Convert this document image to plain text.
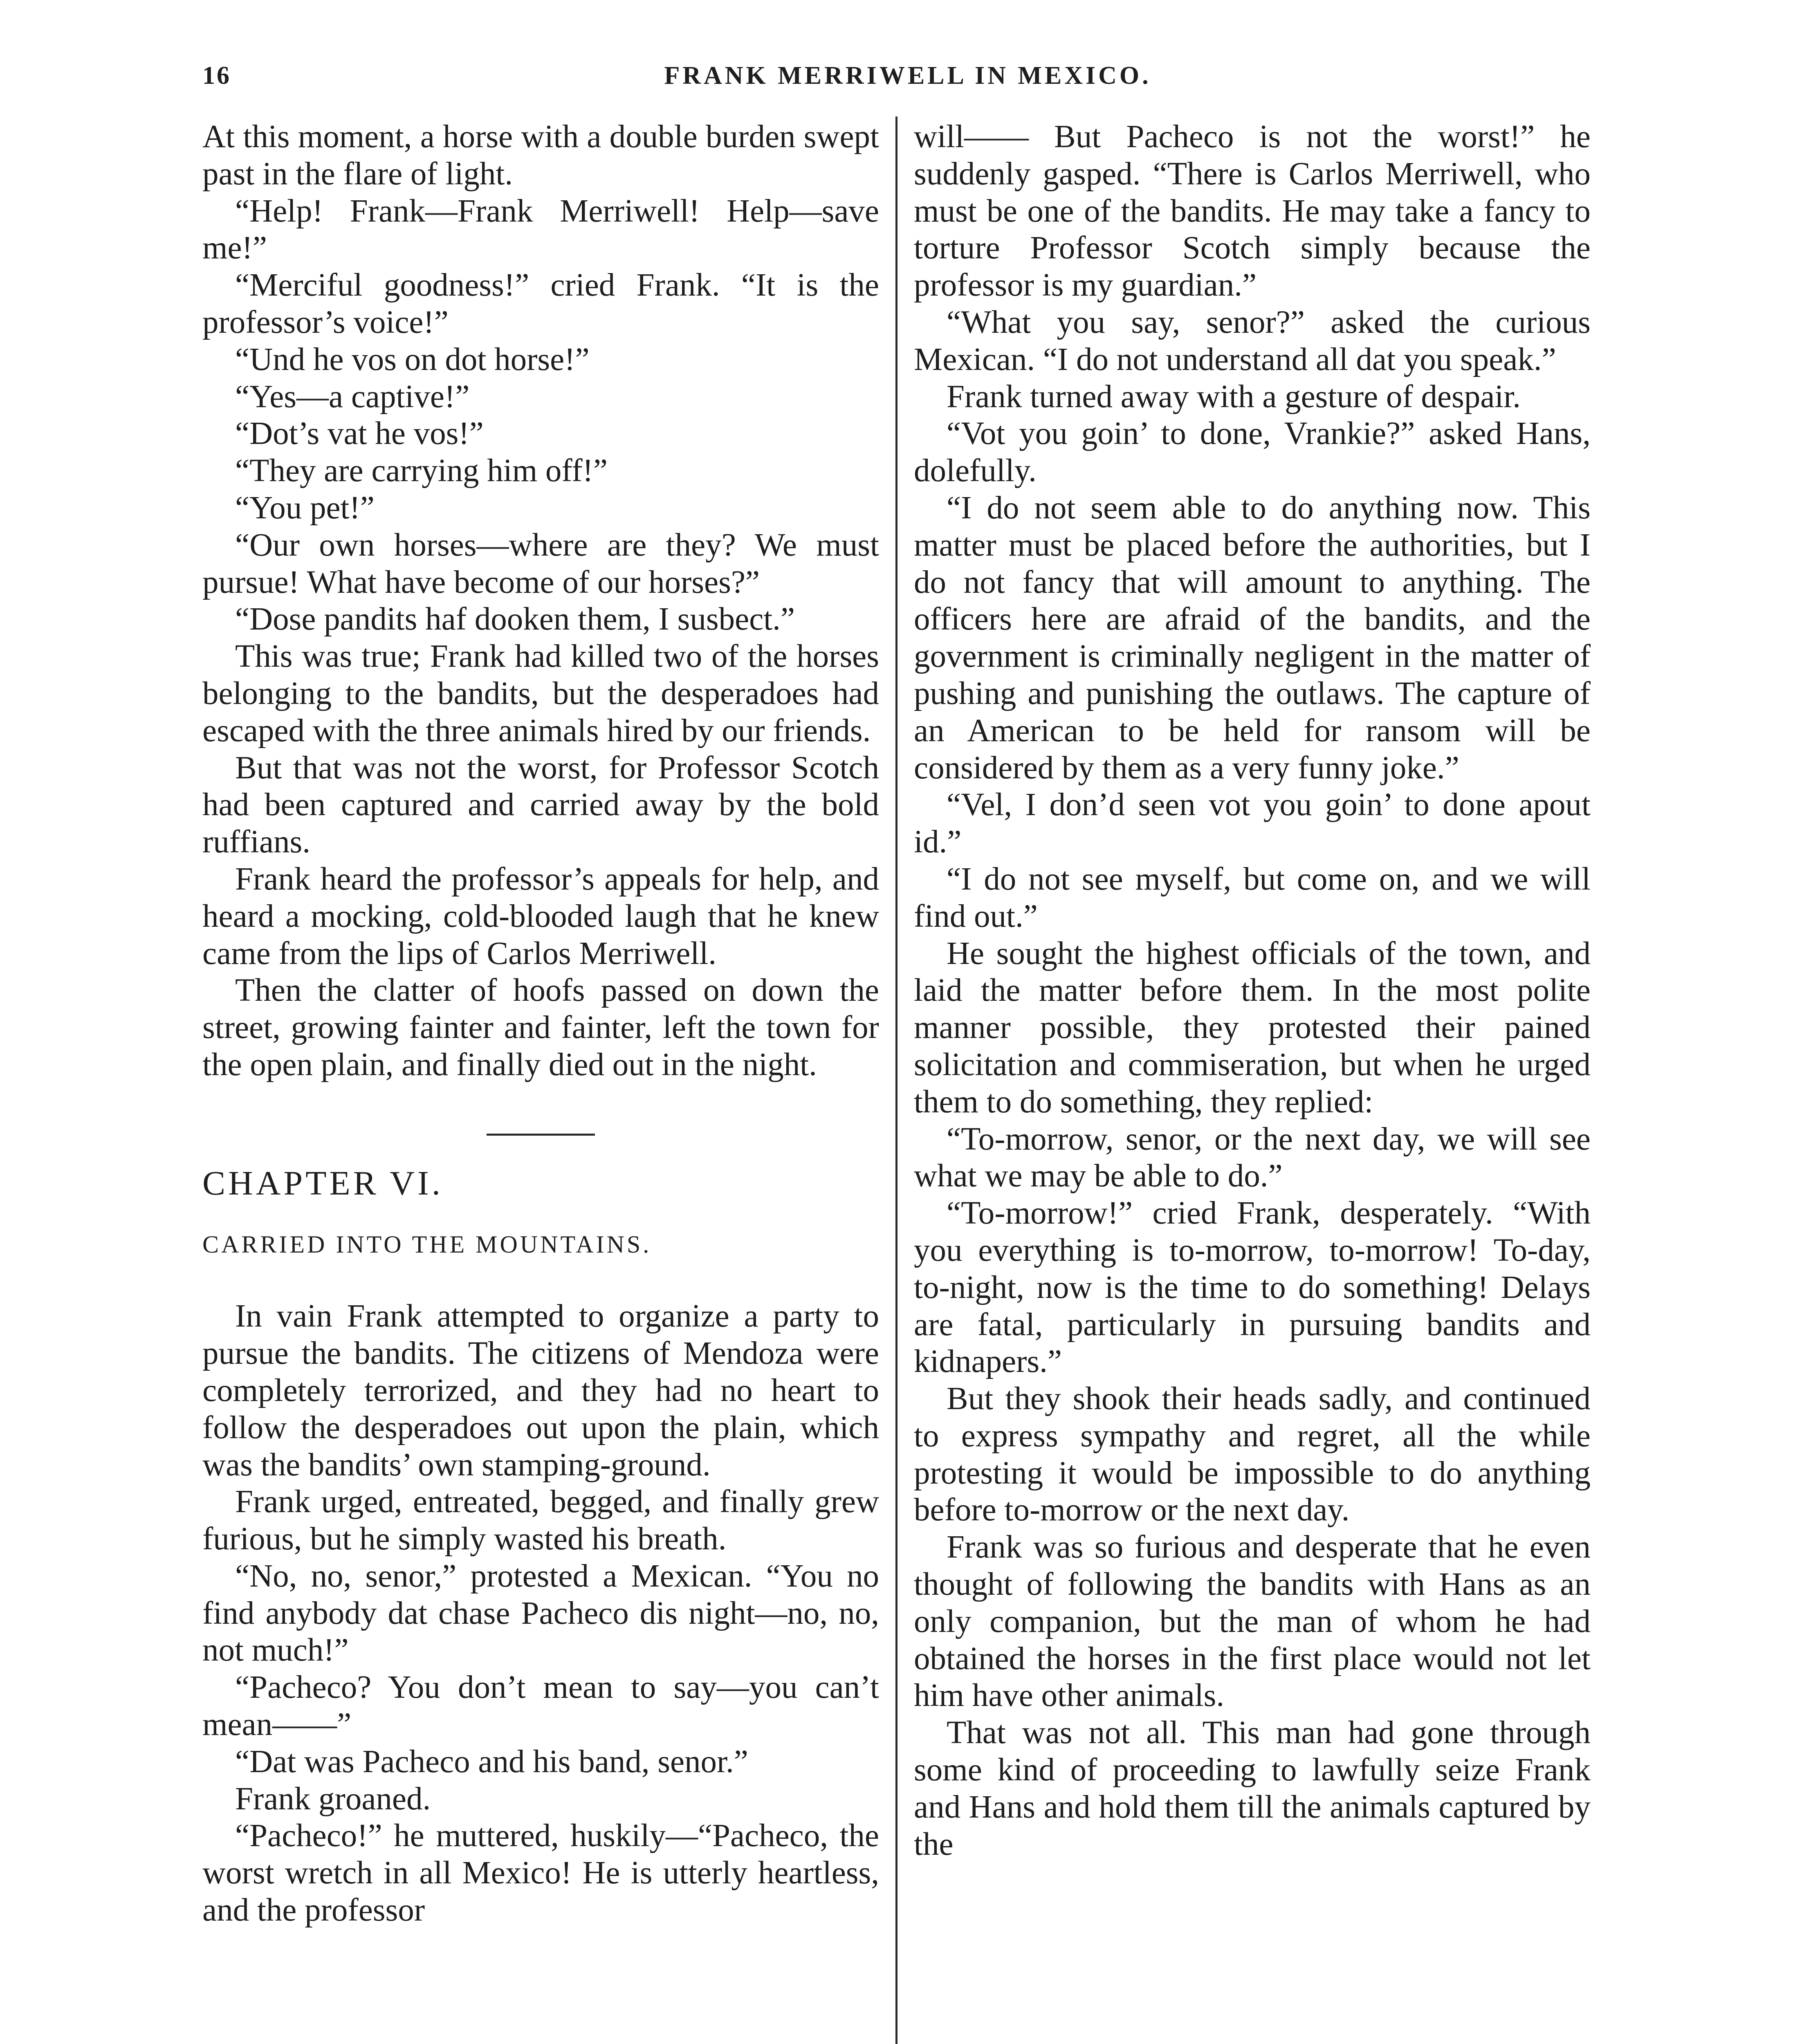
16	FRANK MERRIWELL IN MEXICO.

At this moment, a horse with a double burden swept past in the flare of light.

“Help! Frank—Frank Merriwell! Help—save me!”

“Merciful goodness!” cried Frank. “It is the professor’s voice!”

“Und he vos on dot horse!”

“Yes—a captive!”

“Dot’s vat he vos!”

“They are carrying him off!”

“You pet!”

“Our own horses—where are they? We must pursue! What have become of our horses?”

“Dose pandits haf dooken them, I susbect.”

This was true; Frank had killed two of the horses belonging to the bandits, but the desperadoes had escaped with the three animals hired by our friends.

But that was not the worst, for Professor Scotch had been captured and carried away by the bold ruffians.

Frank heard the professor’s appeals for help, and heard a mocking, cold-blooded laugh that he knew came from the lips of Carlos Merriwell.

Then the clatter of hoofs passed on down the street, growing fainter and fainter, left the town for the open plain, and finally died out in the night.

CHAPTER VI.

CARRIED INTO THE MOUNTAINS.

In vain Frank attempted to organize a party to pursue the bandits. The citizens of Mendoza were completely terrorized, and they had no heart to follow the desperadoes out upon the plain, which was the bandits’ own stamping-ground.

Frank urged, entreated, begged, and finally grew furious, but he simply wasted his breath.

“No, no, senor,” protested a Mexican. “You no find anybody dat chase Pacheco dis night—no, no, not much!”

“Pacheco? You don’t mean to say—you can’t mean——”

“Dat was Pacheco and his band, senor.”

Frank groaned.

“Pacheco!” he muttered, huskily—“Pacheco, the worst wretch in all Mexico! He is utterly heartless, and the professor

will—— But Pacheco is not the worst!” he suddenly gasped. “There is Carlos Merriwell, who must be one of the bandits. He may take a fancy to torture Professor Scotch simply because the professor is my guardian.”

“What you say, senor?” asked the curious Mexican. “I do not understand all dat you speak.”

Frank turned away with a gesture of despair.

“Vot you goin’ to done, Vrankie?” asked Hans, dolefully.

“I do not seem able to do anything now. This matter must be placed before the authorities, but I do not fancy that will amount to anything. The officers here are afraid of the bandits, and the government is criminally negligent in the matter of pushing and punishing the outlaws. The capture of an American to be held for ransom will be considered by them as a very funny joke.”

“Vel, I don’d seen vot you goin’ to done apout id.”

“I do not see myself, but come on, and we will find out.”

He sought the highest officials of the town, and laid the matter before them. In the most polite manner possible, they protested their pained solicitation and commiseration, but when he urged them to do something, they replied:

“To-morrow, senor, or the next day, we will see what we may be able to do.”

“To-morrow!” cried Frank, desperately. “With you everything is to-morrow, to-morrow! To-day, to-night, now is the time to do something! Delays are fatal, particularly in pursuing bandits and kidnapers.”

But they shook their heads sadly, and continued to express sympathy and regret, all the while protesting it would be impossible to do anything before to-morrow or the next day.

Frank was so furious and desperate that he even thought of following the bandits with Hans as an only companion, but the man of whom he had obtained the horses in the first place would not let him have other animals.

That was not all. This man had gone through some kind of proceeding to lawfully seize Frank and Hans and hold them till the animals captured by the
